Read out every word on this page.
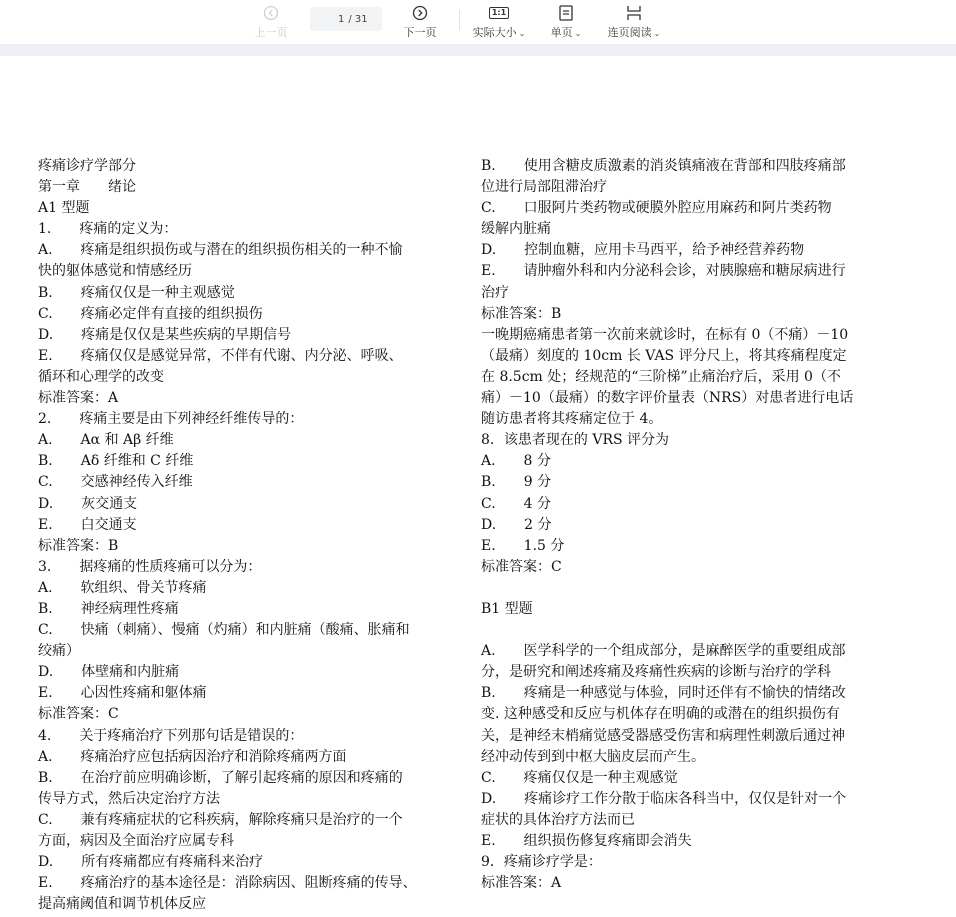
上一页
1
/ 31
下一页
1:1
实际大小 ⌄ 单页 ⌄ 连页阅读 ⌄
疼痛诊疗学部分
第一章　　绪论
A1 型题
1.　　疼痛的定义为：
A.　　疼痛是组织损伤或与潜在的组织损伤相关的一种不愉
快的躯体感觉和情感经历
B.　　疼痛仅仅是一种主观感觉
C.　　疼痛必定伴有直接的组织损伤
D.　　疼痛是仅仅是某些疾病的早期信号
E.　　疼痛仅仅是感觉异常，不伴有代谢、内分泌、呼吸、
循环和心理学的改变
标准答案：A
2.　　疼痛主要是由下列神经纤维传导的：
A.　　Aα 和 Aβ 纤维
B.　　Aδ 纤维和 C 纤维
C.　　交感神经传入纤维
D.　　灰交通支
E.　　白交通支
标准答案：B
3.　　据疼痛的性质疼痛可以分为：
A.　　软组织、骨关节疼痛
B.　　神经病理性疼痛
C.　　快痛（刺痛）、慢痛（灼痛）和内脏痛（酸痛、胀痛和
绞痛）
D.　　体壁痛和内脏痛
E.　　心因性疼痛和躯体痛
标准答案：C
4.　　关于疼痛治疗下列那句话是错误的：
A.　　疼痛治疗应包括病因治疗和消除疼痛两方面
B.　　在治疗前应明确诊断，了解引起疼痛的原因和疼痛的
传导方式，然后决定治疗方法
C.　　兼有疼痛症状的它科疾病，解除疼痛只是治疗的一个
方面，病因及全面治疗应属专科
D.　　所有疼痛都应有疼痛科来治疗
E.　　疼痛治疗的基本途径是：消除病因、阻断疼痛的传导、
提高痛阈值和调节机体反应
B.　　使用含糖皮质激素的消炎镇痛液在背部和四肢疼痛部
位进行局部阻滞治疗
C.　　口服阿片类药物或硬膜外腔应用麻药和阿片类药物
缓解内脏痛
D.　　控制血糖，应用卡马西平，给予神经营养药物
E.　　请肿瘤外科和内分泌科会诊，对胰腺癌和糖尿病进行
治疗
标准答案：B
一晚期癌痛患者第一次前来就诊时，在标有 0（不痛）－10
（最痛）刻度的 10cm 长 VAS 评分尺上，将其疼痛程度定
在 8.5cm 处；经规范的“三阶梯”止痛治疗后，采用 0（不
痛）－10（最痛）的数字评价量表（NRS）对患者进行电话
随访患者将其疼痛定位于 4。
8．该患者现在的 VRS 评分为
A.　　8 分
B.　　9 分
C.　　4 分
D.　　2 分
E.　　1.5 分
标准答案：C
B1 型题
A.　　医学科学的一个组成部分，是麻醉医学的重要组成部
分，是研究和阐述疼痛及疼痛性疾病的诊断与治疗的学科
B.　　疼痛是一种感觉与体验，同时还伴有不愉快的情绪改
变. 这种感受和反应与机体存在明确的或潜在的组织损伤有
关，是神经末梢痛觉感受器感受伤害和病理性刺激后通过神
经冲动传到到中枢大脑皮层而产生。
C.　　疼痛仅仅是一种主观感觉
D.　　疼痛诊疗工作分散于临床各科当中，仅仅是针对一个
症状的具体治疗方法而已
E.　　组织损伤修复疼痛即会消失
9．疼痛诊疗学是：
标准答案：A
